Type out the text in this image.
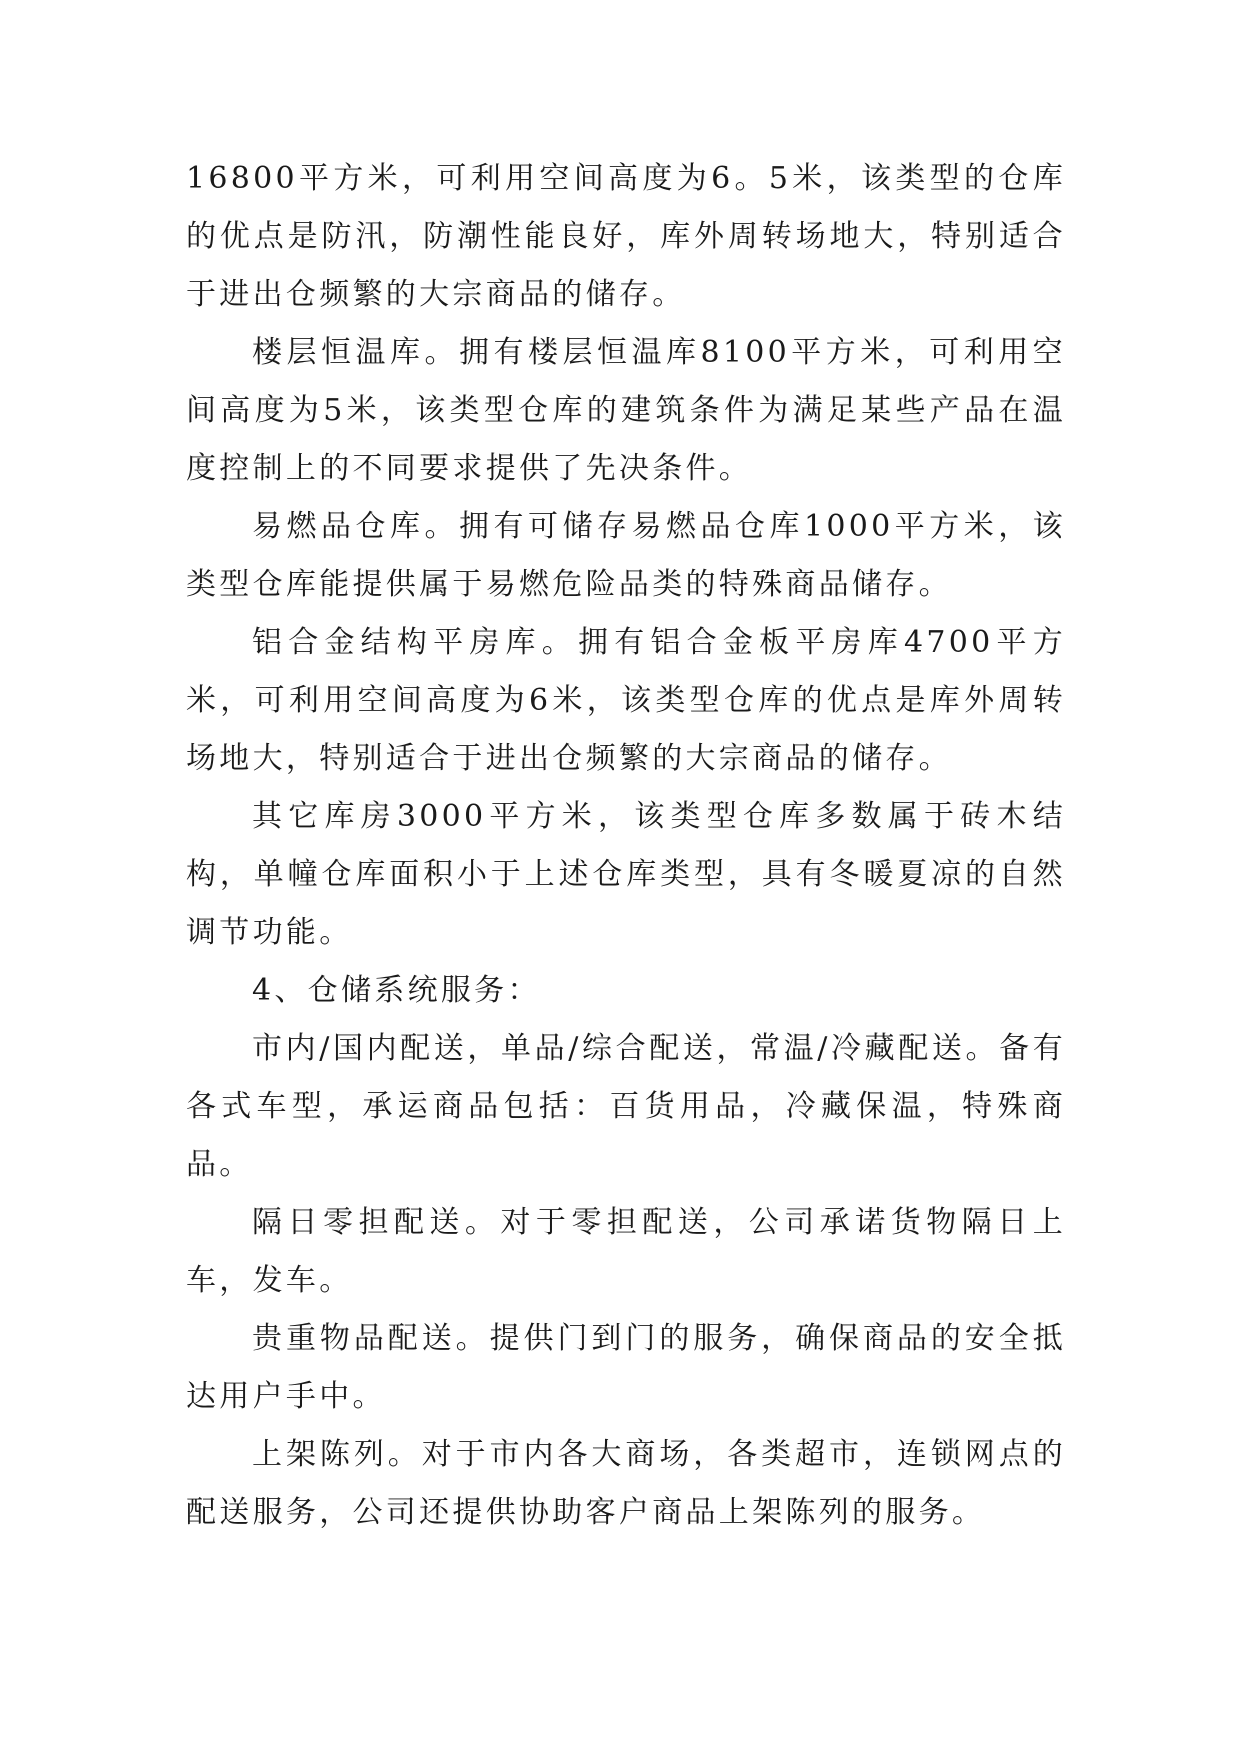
16800平方米，可利用空间高度为6。5米，该类型的仓库的优点是防汛，防潮性能良好，库外周转场地大，特别适合于进出仓频繁的大宗商品的储存。

楼层恒温库。拥有楼层恒温库8100平方米，可利用空间高度为5米，该类型仓库的建筑条件为满足某些产品在温度控制上的不同要求提供了先决条件。

易燃品仓库。拥有可储存易燃品仓库1000平方米，该类型仓库能提供属于易燃危险品类的特殊商品储存。

铝合金结构平房库。拥有铝合金板平房库4700平方米，可利用空间高度为6米，该类型仓库的优点是库外周转场地大，特别适合于进出仓频繁的大宗商品的储存。

其它库房3000平方米，该类型仓库多数属于砖木结构，单幢仓库面积小于上述仓库类型，具有冬暖夏凉的自然调节功能。

4、仓储系统服务：

市内/国内配送，单品/综合配送，常温/冷藏配送。备有各式车型，承运商品包括：百货用品，冷藏保温，特殊商品。

隔日零担配送。对于零担配送，公司承诺货物隔日上车，发车。

贵重物品配送。提供门到门的服务，确保商品的安全抵达用户手中。

上架陈列。对于市内各大商场，各类超市，连锁网点的配送服务，公司还提供协助客户商品上架陈列的服务。
